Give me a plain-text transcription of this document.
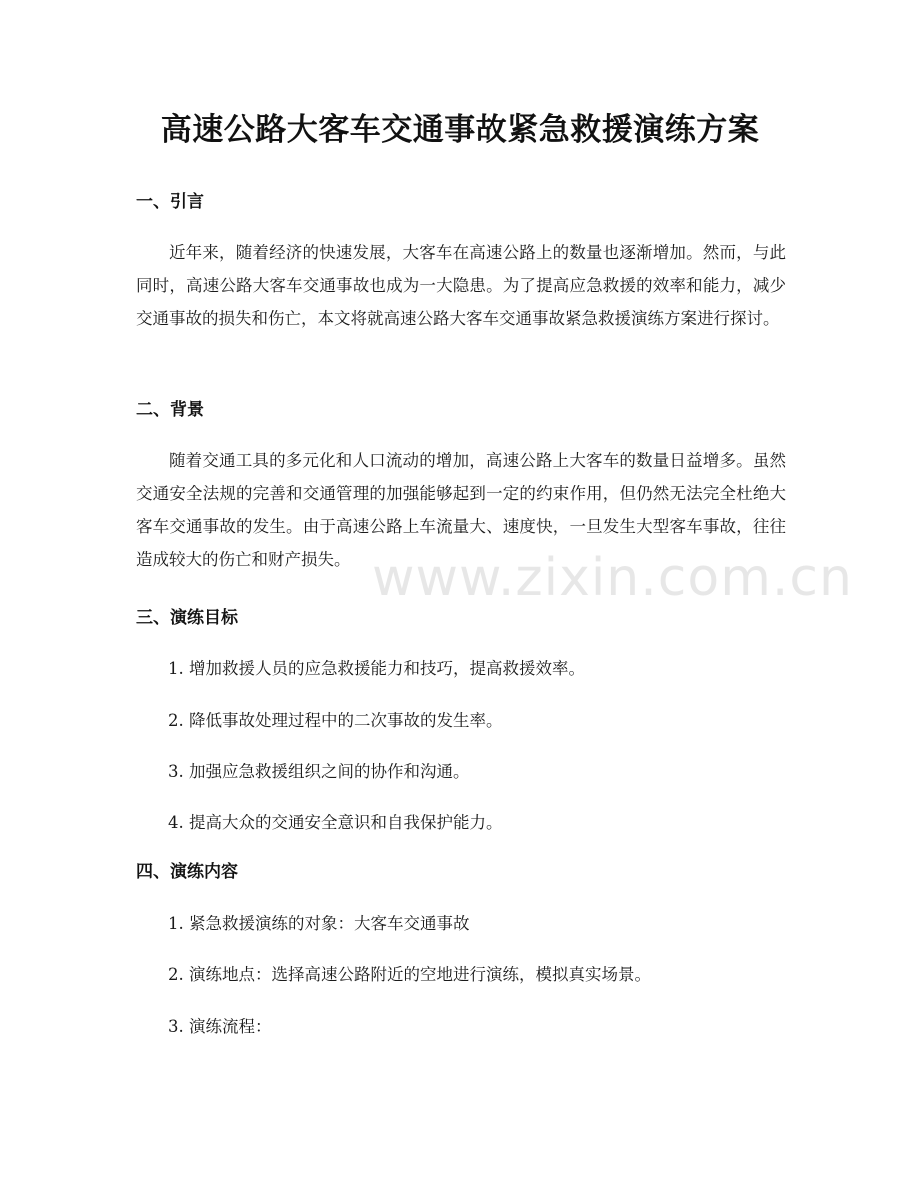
高速公路大客车交通事故紧急救援演练方案
一、引言
近年来，随着经济的快速发展，大客车在高速公路上的数量也逐渐增加。然而，与此同时，高速公路大客车交通事故也成为一大隐患。为了提高应急救援的效率和能力，减少交通事故的损失和伤亡，本文将就高速公路大客车交通事故紧急救援演练方案进行探讨。
二、背景
随着交通工具的多元化和人口流动的增加，高速公路上大客车的数量日益增多。虽然交通安全法规的完善和交通管理的加强能够起到一定的约束作用，但仍然无法完全杜绝大客车交通事故的发生。由于高速公路上车流量大、速度快，一旦发生大型客车事故，往往造成较大的伤亡和财产损失。
三、演练目标
1. 增加救援人员的应急救援能力和技巧，提高救援效率。
2. 降低事故处理过程中的二次事故的发生率。
3. 加强应急救援组织之间的协作和沟通。
4. 提高大众的交通安全意识和自我保护能力。
四、演练内容
1. 紧急救援演练的对象：大客车交通事故
2. 演练地点：选择高速公路附近的空地进行演练，模拟真实场景。
3. 演练流程：
www.zixin.com.cn
